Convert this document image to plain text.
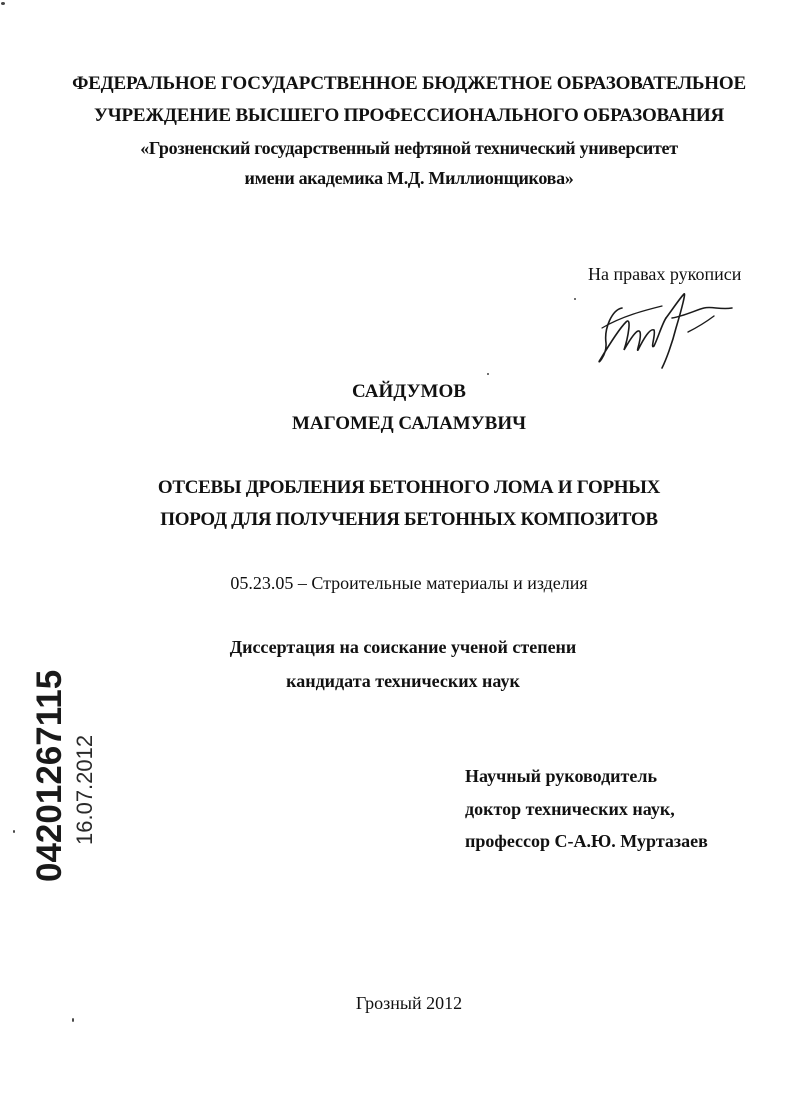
ФЕДЕРАЛЬНОЕ ГОСУДАРСТВЕННОЕ БЮДЖЕТНОЕ ОБРАЗОВАТЕЛЬНОЕ
УЧРЕЖДЕНИЕ ВЫСШЕГО ПРОФЕССИОНАЛЬНОГО ОБРАЗОВАНИЯ
«Грозненский государственный нефтяной технический университет
имени академика М.Д. Миллионщикова»
На правах рукописи
САЙДУМОВ
МАГОМЕД САЛАМУВИЧ
ОТСЕВЫ ДРОБЛЕНИЯ БЕТОННОГО ЛОМА И ГОРНЫХ
ПОРОД ДЛЯ ПОЛУЧЕНИЯ БЕТОННЫХ КОМПОЗИТОВ
05.23.05 – Строительные материалы и изделия
Диссертация на соискание ученой степени
кандидата технических наук
Научный руководитель
доктор технических наук,
профессор С-А.Ю. Муртазаев
Грозный 2012
04201267115 16.07.2012
